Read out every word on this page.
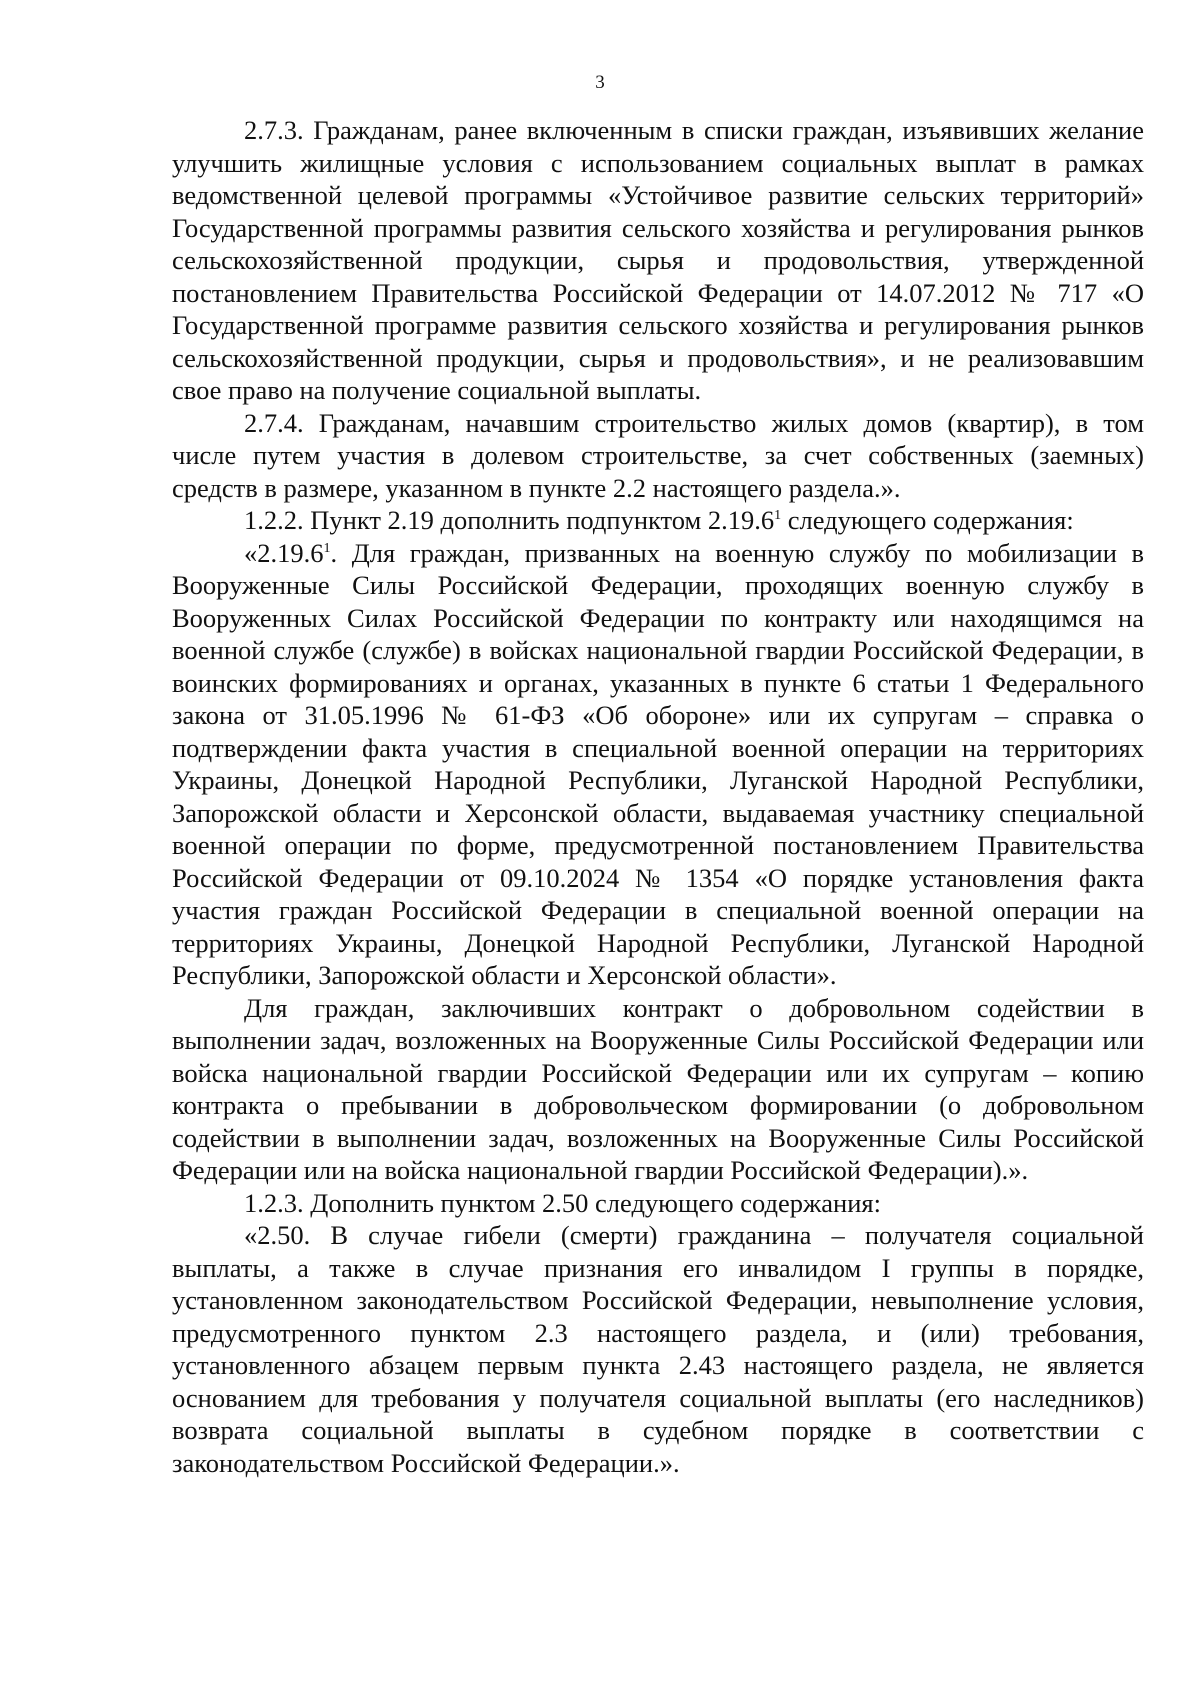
3

2.7.3. Гражданам, ранее включенным в списки граждан, изъявивших желание улучшить жилищные условия с использованием социальных выплат в рамках ведомственной целевой программы «Устойчивое развитие сельских территорий» Государственной программы развития сельского хозяйства и регулирования рынков сельскохозяйственной продукции, сырья и продовольствия, утвержденной постановлением Правительства Российской Федерации от 14.07.2012 № 717 «О Государственной программе развития сельского хозяйства и регулирования рынков сельскохозяйственной продукции, сырья и продовольствия», и не реализовавшим свое право на получение социальной выплаты.

2.7.4. Гражданам, начавшим строительство жилых домов (квартир), в том числе путем участия в долевом строительстве, за счет собственных (заемных) средств в размере, указанном в пункте 2.2 настоящего раздела.».

1.2.2. Пункт 2.19 дополнить подпунктом 2.19.6$^1$ следующего содержания:

«2.19.6$^1$. Для граждан, призванных на военную службу по мобилизации в Вооруженные Силы Российской Федерации, проходящих военную службу в Вооруженных Силах Российской Федерации по контракту или находящимся на военной службе (службе) в войсках национальной гвардии Российской Федерации, в воинских формированиях и органах, указанных в пункте 6 статьи 1 Федерального закона от 31.05.1996 № 61-ФЗ «Об обороне» или их супругам – справка о подтверждении факта участия в специальной военной операции на территориях Украины, Донецкой Народной Республики, Луганской Народной Республики, Запорожской области и Херсонской области, выдаваемая участнику специальной военной операции по форме, предусмотренной постановлением Правительства Российской Федерации от 09.10.2024 № 1354 «О порядке установления факта участия граждан Российской Федерации в специальной военной операции на территориях Украины, Донецкой Народной Республики, Луганской Народной Республики, Запорожской области и Херсонской области».

Для граждан, заключивших контракт о добровольном содействии в выполнении задач, возложенных на Вооруженные Силы Российской Федерации или войска национальной гвардии Российской Федерации или их супругам – копию контракта о пребывании в добровольческом формировании (о добровольном содействии в выполнении задач, возложенных на Вооруженные Силы Российской Федерации или на войска национальной гвардии Российской Федерации).».

1.2.3. Дополнить пунктом 2.50 следующего содержания:

«2.50. В случае гибели (смерти) гражданина – получателя социальной выплаты, а также в случае признания его инвалидом I группы в порядке, установленном законодательством Российской Федерации, невыполнение условия, предусмотренного пунктом 2.3 настоящего раздела, и (или) требования, установленного абзацем первым пункта 2.43 настоящего раздела, не является основанием для требования у получателя социальной выплаты (его наследников) возврата социальной выплаты в судебном порядке в соответствии с законодательством Российской Федерации.».
